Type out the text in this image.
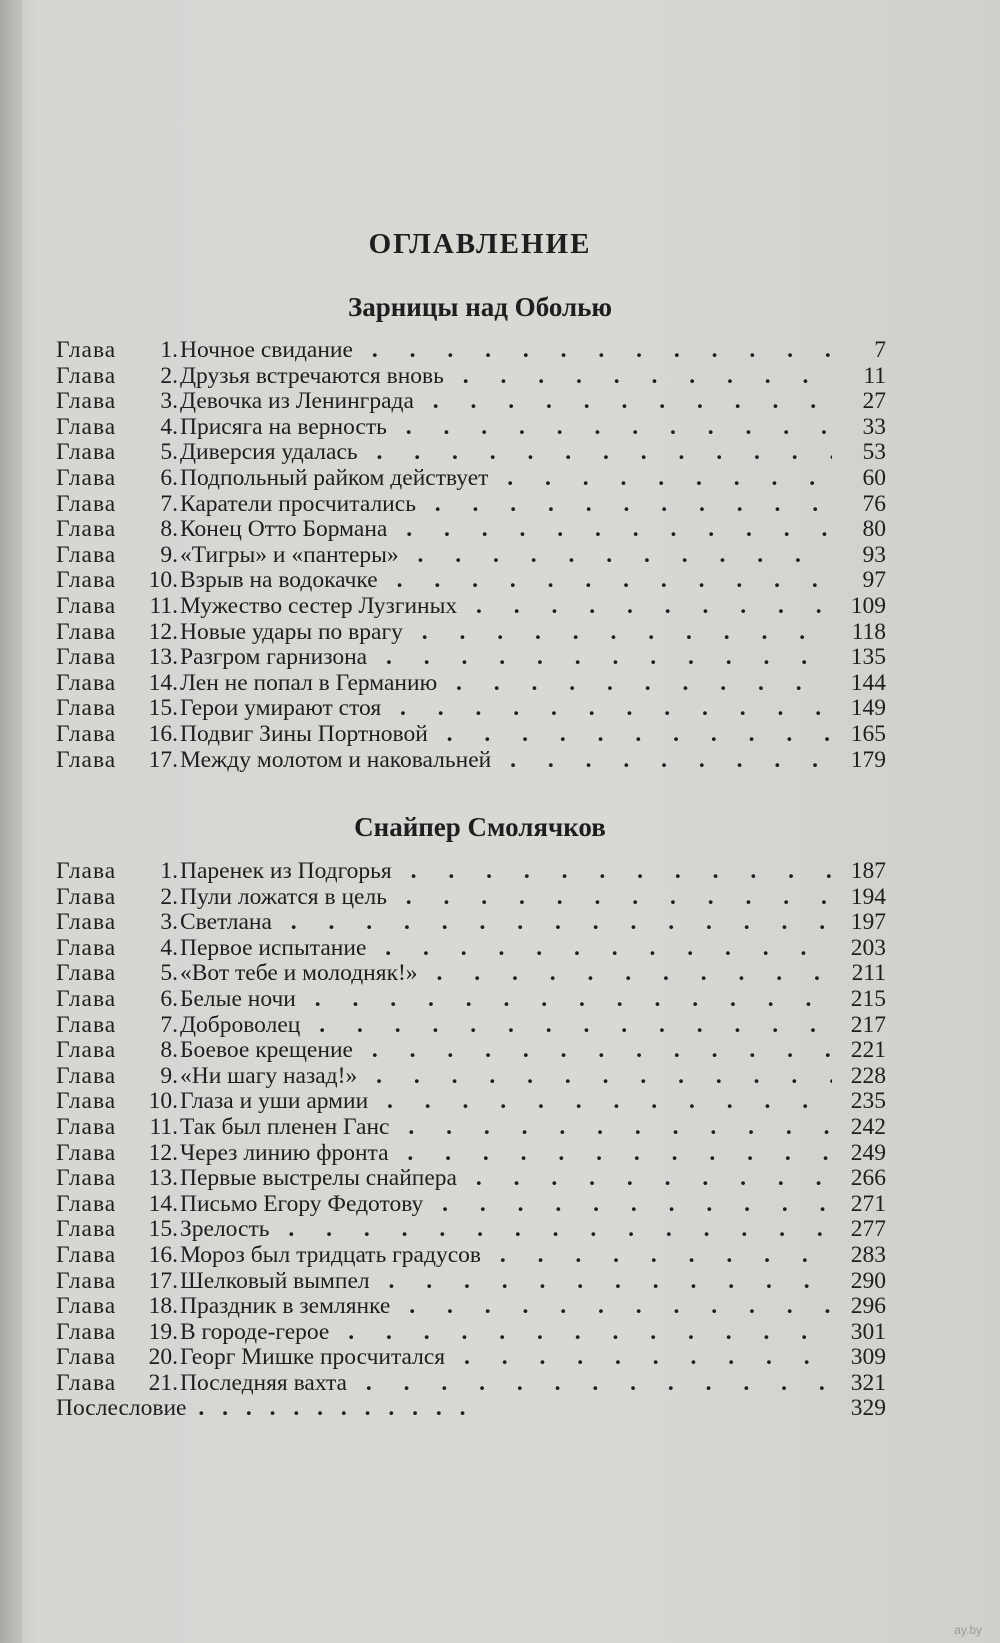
ОГЛАВЛЕНИЕ
Зарницы над Оболью
Глава	1. Ночное свидание . . .	7
Глава	2. Друзья встречаются вновь . . .	11
Глава	3. Девочка из Ленинграда . . .	27
Глава	4. Присяга на верность . . .	33
Глава	5. Диверсия удалась . . .	53
Глава	6. Подпольный райком действует . . .	60
Глава	7. Каратели просчитались . . .	76
Глава	8. Конец Отто Бормана . . .	80
Глава	9. «Тигры» и «пантеры» . . .	93
Глава	10. Взрыв на водокачке . . .	97
Глава	11. Мужество сестер Лузгиных . . .	109
Глава	12. Новые удары по врагу . . .	118
Глава	13. Разгром гарнизона . . .	135
Глава	14. Лен не попал в Германию . . .	144
Глава	15. Герои умирают стоя . . .	149
Глава	16. Подвиг Зины Портновой . . .	165
Глава	17. Между молотом и наковальней . . .	179
Снайпер Смолячков
Глава	1. Паренек из Подгорья . . .	187
Глава	2. Пули ложатся в цель . . .	194
Глава	3. Светлана . . .	197
Глава	4. Первое испытание . . .	203
Глава	5. «Вот тебе и молодняк!» . . .	211
Глава	6. Белые ночи . . .	215
Глава	7. Доброволец . . .	217
Глава	8. Боевое крещение . . .	221
Глава	9. «Ни шагу назад!» . . .	228
Глава	10. Глаза и уши армии . . .	235
Глава	11. Так был пленен Ганс . . .	242
Глава	12. Через линию фронта . . .	249
Глава	13. Первые выстрелы снайпера . . .	266
Глава	14. Письмо Егору Федотову . . .	271
Глава	15. Зрелость . . .	277
Глава	16. Мороз был тридцать градусов . . .	283
Глава	17. Шелковый вымпел . . .	290
Глава	18. Праздник в землянке . . .	296
Глава	19. В городе-герое . . .	301
Глава	20. Георг Мишке просчитался . . .	309
Глава	21. Последняя вахта . . .	321
Послесловие . . .	329
ay.by
